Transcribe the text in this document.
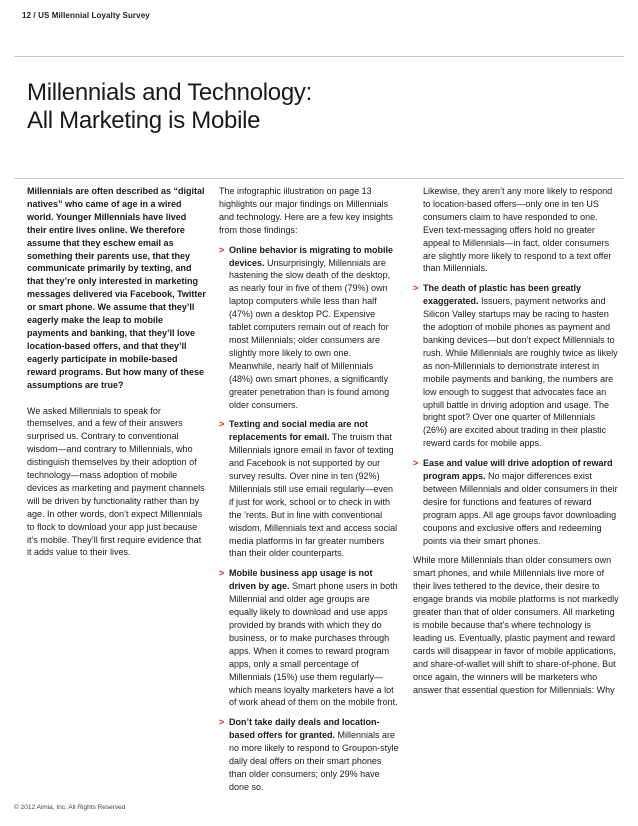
12 / US Millennial Loyalty Survey
Millennials and Technology:
All Marketing is Mobile

Millennials are often described as “digital natives” who came of age in a wired world. Younger Millennials have lived their entire lives online. We therefore assume that they eschew email as something their parents use, that they communicate primarily by texting, and that they’re only interested in marketing messages delivered via Facebook, Twitter or smart phone. We assume that they’ll eagerly make the leap to mobile payments and banking, that they’ll love location-based offers, and that they’ll eagerly participate in mobile-based reward programs. But how many of these assumptions are true?

We asked Millennials to speak for themselves, and a few of their answers surprised us. Contrary to conventional wisdom—and contrary to Millennials, who distinguish themselves by their adoption of technology—mass adoption of mobile devices as marketing and payment channels will be driven by functionality rather than by age. In other words, don’t expect Millennials to flock to download your app just because it’s mobile. They’ll first require evidence that it adds value to their lives.

The infographic illustration on page 13 highlights our major findings on Millennials and technology. Here are a few key insights from those findings:

> Online behavior is migrating to mobile devices. Unsurprisingly, Millennials are hastening the slow death of the desktop, as nearly four in five of them (79%) own laptop computers while less than half (47%) own a desktop PC. Expensive tablet computers remain out of reach for most Millennials; older consumers are slightly more likely to own one. Meanwhile, nearly half of Millennials (48%) own smart phones, a significantly greater penetration than is found among older consumers.
> Texting and social media are not replacements for email. The truism that Millennials ignore email in favor of texting and Facebook is not supported by our survey results. Over nine in ten (92%) Millennials still use email regularly—even if just for work, school or to check in with the ’rents. But in line with conventional wisdom, Millennials text and access social media platforms in far greater numbers than their older counterparts.
> Mobile business app usage is not driven by age. Smart phone users in both Millennial and older age groups are equally likely to download and use apps provided by brands with which they do business, or to make purchases through apps. When it comes to reward program apps, only a small percentage of Millennials (15%) use them regularly—which means loyalty marketers have a lot of work ahead of them on the mobile front.
> Don’t take daily deals and location-based offers for granted. Millennials are no more likely to respond to Groupon-style daily deal offers on their smart phones than older consumers; only 29% have done so.

Likewise, they aren’t any more likely to respond to location-based offers—only one in ten US consumers claim to have responded to one. Even text-messaging offers hold no greater appeal to Millennials—in fact, older consumers are slightly more likely to respond to a text offer than Millennials.

> The death of plastic has been greatly exaggerated. Issuers, payment networks and Silicon Valley startups may be racing to hasten the adoption of mobile phones as payment and banking devices—but don’t expect Millennials to rush. While Millennials are roughly twice as likely as non-Millennials to demonstrate interest in mobile payments and banking, the numbers are low enough to suggest that advocates face an uphill battle in driving adoption and usage. The bright spot? Over one quarter of Millennials (26%) are excited about trading in their plastic reward cards for mobile apps.
> Ease and value will drive adoption of reward program apps. No major differences exist between Millennials and older consumers in their desire for functions and features of reward program apps. All age groups favor downloading coupons and exclusive offers and redeeming points via their smart phones.

While more Millennials than older consumers own smart phones, and while Millennials live more of their lives tethered to the device, their desire to engage brands via mobile platforms is not markedly greater than that of older consumers. All marketing is mobile because that’s where technology is leading us. Eventually, plastic payment and reward cards will disappear in favor of mobile applications, and share-of-wallet will shift to share-of-phone. But once again, the winners will be marketers who answer that essential question for Millennials: Why

© 2012 Aimia, Inc. All Rights Reserved
